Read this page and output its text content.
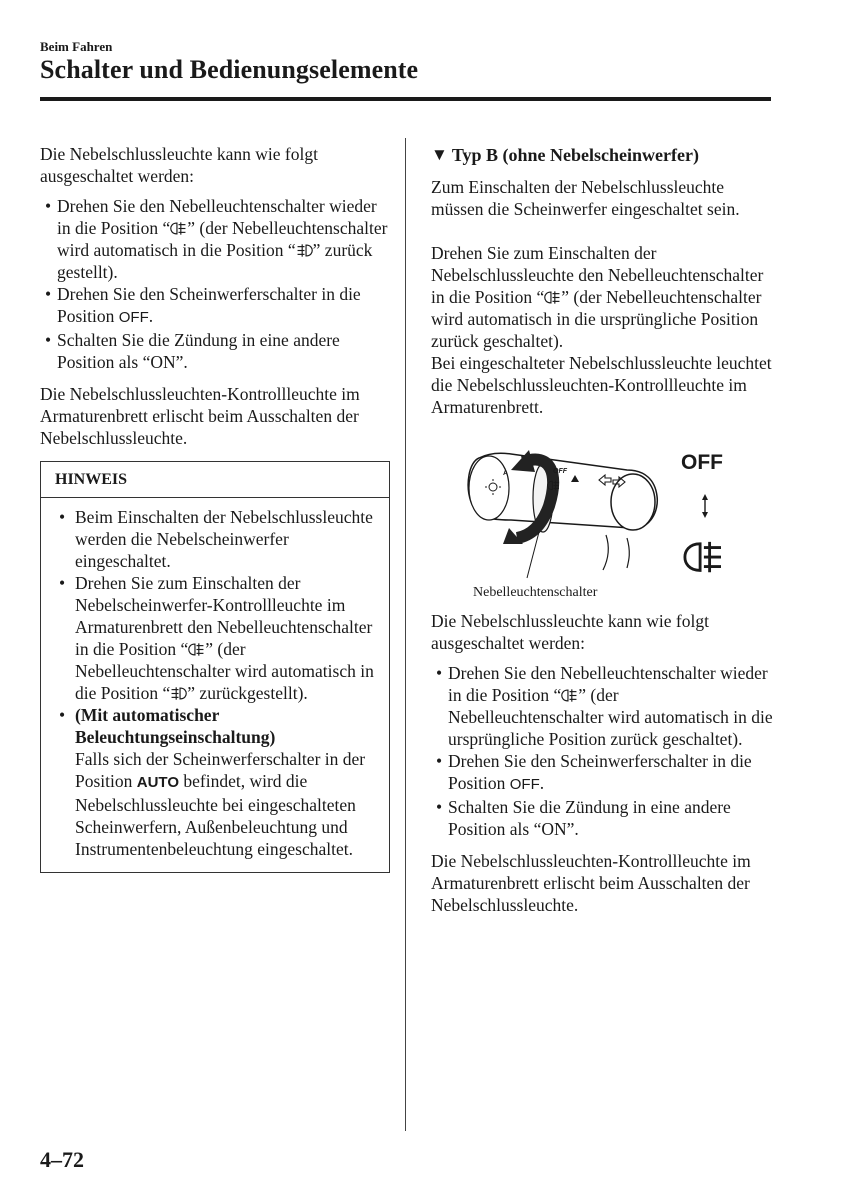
Beim Fahren
Schalter und Bedienungselemente

Die Nebelschlussleuchte kann wie folgt ausgeschaltet werden:

• Drehen Sie den Nebelleuchtenschalter wieder in die Position “ ” (der Nebelleuchtenschalter wird automatisch in die Position “ ” zurück gestellt).
• Drehen Sie den Scheinwerferschalter in die Position OFF.
• Schalten Sie die Zündung in eine andere Position als “ON”.

Die Nebelschlussleuchten-Kontrollleuchte im Armaturenbrett erlischt beim Ausschalten der Nebelschlussleuchte.

HINWEIS
• Beim Einschalten der Nebelschlussleuchte werden die Nebelscheinwerfer eingeschaltet.
• Drehen Sie zum Einschalten der Nebelscheinwerfer-Kontrollleuchte im Armaturenbrett den Nebelleuchtenschalter in die Position “ ” (der Nebelleuchtenschalter wird automatisch in die Position “ ” zurückgestellt).
• (Mit automatischer Beleuchtungseinschaltung)
Falls sich der Scheinwerferschalter in der Position AUTO befindet, wird die Nebelschlussleuchte bei eingeschalteten Scheinwerfern, Außenbeleuchtung und Instrumentenbeleuchtung eingeschaltet.
▼ Typ B (ohne Nebelscheinwerfer)

Zum Einschalten der Nebelschlussleuchte müssen die Scheinwerfer eingeschaltet sein.

Drehen Sie zum Einschalten der Nebelschlussleuchte den Nebelleuchtenschalter in die Position “ ” (der Nebelleuchtenschalter wird automatisch in die ursprüngliche Position zurück geschaltet).

Bei eingeschalteter Nebelschlussleuchte leuchtet die Nebelschlussleuchten-Kontrollleuchte im Armaturenbrett.

A	OFF	OFF
Nebelleuchtenschalter

Die Nebelschlussleuchte kann wie folgt ausgeschaltet werden:

• Drehen Sie den Nebelleuchtenschalter wieder in die Position “ ” (der Nebelleuchtenschalter wird automatisch in die ursprüngliche Position zurück geschaltet).
• Drehen Sie den Scheinwerferschalter in die Position OFF.
• Schalten Sie die Zündung in eine andere Position als “ON”.

Die Nebelschlussleuchten-Kontrollleuchte im Armaturenbrett erlischt beim Ausschalten der Nebelschlussleuchte.

4–72
